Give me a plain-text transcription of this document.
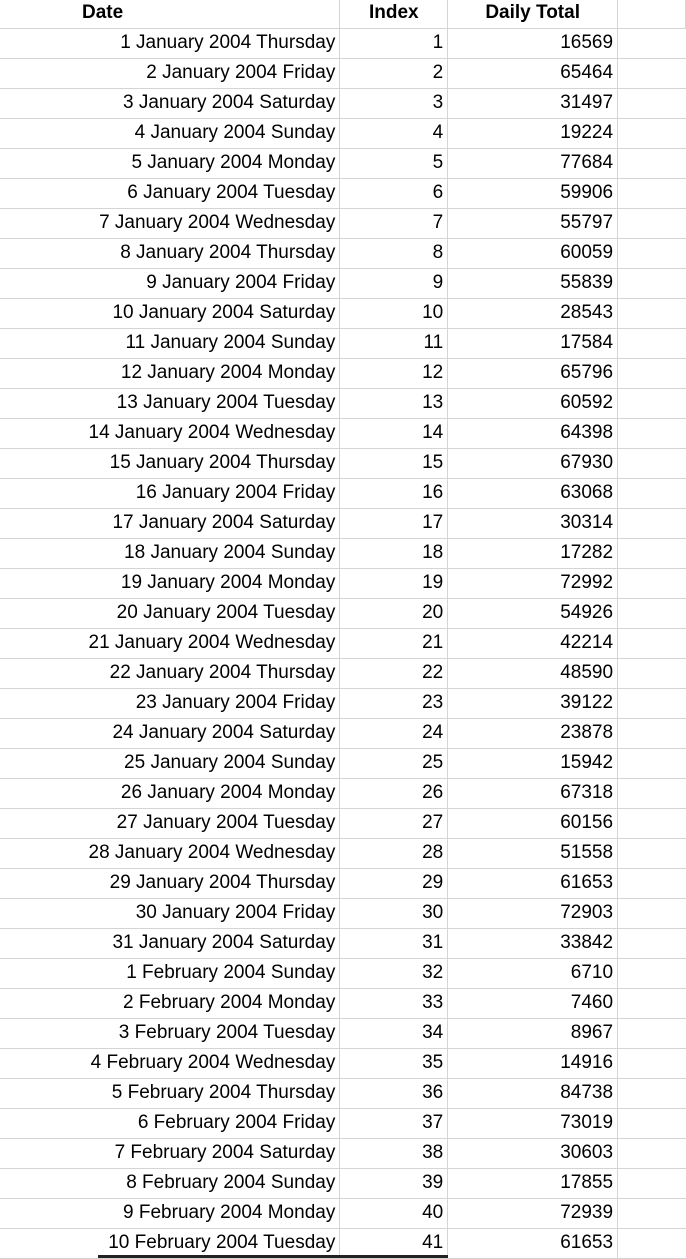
Date	Index	Daily Total	
1 January 2004 Thursday	1	16569	
2 January 2004 Friday	2	65464	
3 January 2004 Saturday	3	31497	
4 January 2004 Sunday	4	19224	
5 January 2004 Monday	5	77684	
6 January 2004 Tuesday	6	59906	
7 January 2004 Wednesday	7	55797	
8 January 2004 Thursday	8	60059	
9 January 2004 Friday	9	55839	
10 January 2004 Saturday	10	28543	
11 January 2004 Sunday	11	17584	
12 January 2004 Monday	12	65796	
13 January 2004 Tuesday	13	60592	
14 January 2004 Wednesday	14	64398	
15 January 2004 Thursday	15	67930	
16 January 2004 Friday	16	63068	
17 January 2004 Saturday	17	30314	
18 January 2004 Sunday	18	17282	
19 January 2004 Monday	19	72992	
20 January 2004 Tuesday	20	54926	
21 January 2004 Wednesday	21	42214	
22 January 2004 Thursday	22	48590	
23 January 2004 Friday	23	39122	
24 January 2004 Saturday	24	23878	
25 January 2004 Sunday	25	15942	
26 January 2004 Monday	26	67318	
27 January 2004 Tuesday	27	60156	
28 January 2004 Wednesday	28	51558	
29 January 2004 Thursday	29	61653	
30 January 2004 Friday	30	72903	
31 January 2004 Saturday	31	33842	
1 February 2004 Sunday	32	6710	
2 February 2004 Monday	33	7460	
3 February 2004 Tuesday	34	8967	
4 February 2004 Wednesday	35	14916	
5 February 2004 Thursday	36	84738	
6 February 2004 Friday	37	73019	
7 February 2004 Saturday	38	30603	
8 February 2004 Sunday	39	17855	
9 February 2004 Monday	40	72939	
10 February 2004 Tuesday	41	61653	
